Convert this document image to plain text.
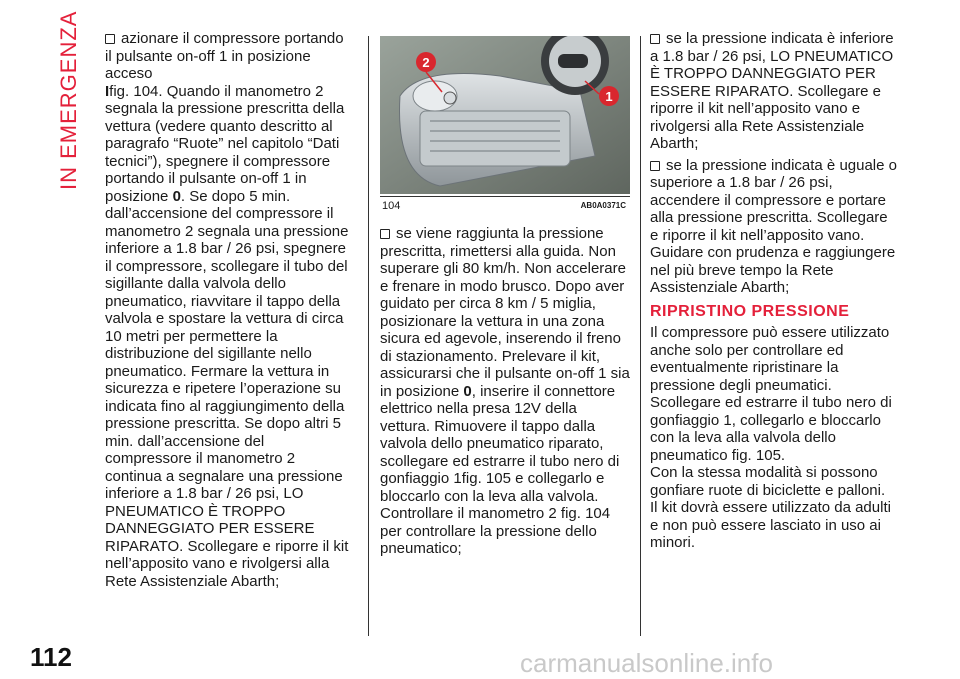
IN EMERGENZA	azionare il compressore portando il pulsante on-off 1 in posizione acceso
Ifig. 104. Quando il manometro 2 segnala la pressione prescritta della vettura (vedere quanto descritto al paragrafo “Ruote” nel capitolo “Dati tecnici”), spegnere il compressore portando il pulsante on-off 1 in posizione 0. Se dopo 5 min. dall’accensione del compressore il manometro 2 segnala una pressione inferiore a 1.8 bar / 26 psi, spegnere il compressore, scollegare il tubo del sigillante dalla valvola dello pneumatico, riavvitare il tappo della valvola e spostare la vettura di circa 10 metri per permettere la distribuzione del sigillante nello pneumatico. Fermare la vettura in sicurezza e ripetere l’operazione su indicata fino al raggiungimento della pressione prescritta. Se dopo altri 5 min. dall’accensione del compressore il manometro 2 continua a segnalare una pressione inferiore a 1.8 bar / 26 psi, LO PNEUMATICO È TROPPO DANNEGGIATO PER ESSERE RIPARATO. Scollegare e riporre il kit nell’apposito vano e rivolgersi alla Rete Assistenziale Abarth;

2
1
104	AB0A0371C

se viene raggiunta la pressione prescritta, rimettersi alla guida. Non superare gli 80 km/h. Non accelerare e frenare in modo brusco. Dopo aver guidato per circa 8 km / 5 miglia, posizionare la vettura in una zona sicura ed agevole, inserendo il freno di stazionamento. Prelevare il kit, assicurarsi che il pulsante on-off 1 sia in posizione 0, inserire il connettore elettrico nella presa 12V della vettura. Rimuovere il tappo dalla valvola dello pneumatico riparato, scollegare ed estrarre il tubo nero di gonfiaggio 1fig. 105 e collegarlo e bloccarlo con la leva alla valvola. Controllare il manometro 2 fig. 104 per controllare la pressione dello pneumatico;

se la pressione indicata è inferiore a 1.8 bar / 26 psi, LO PNEUMATICO È TROPPO DANNEGGIATO PER ESSERE RIPARATO. Scollegare e riporre il kit nell’apposito vano e rivolgersi alla Rete Assistenziale Abarth;

se la pressione indicata è uguale o superiore a 1.8 bar / 26 psi, accendere il compressore e portare alla pressione prescritta. Scollegare e riporre il kit nell’apposito vano. Guidare con prudenza e raggiungere nel più breve tempo la Rete Assistenziale Abarth;

RIPRISTINO PRESSIONE

Il compressore può essere utilizzato anche solo per controllare ed eventualmente ripristinare la pressione degli pneumatici.

Scollegare ed estrarre il tubo nero di gonfiaggio 1, collegarlo e bloccarlo con la leva alla valvola dello pneumatico fig. 105.

Con la stessa modalità si possono gonfiare ruote di biciclette e palloni.

Il kit dovrà essere utilizzato da adulti e non può essere lasciato in uso ai minori.

112	carmanualsonline.info
